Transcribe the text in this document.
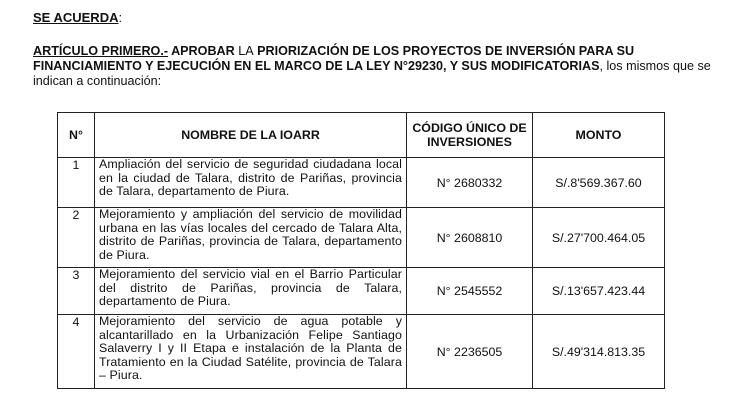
SE ACUERDA:
ARTÍCULO PRIMERO.- APROBAR LA PRIORIZACIÓN DE LOS PROYECTOS DE INVERSIÓN PARA SU FINANCIAMIENTO Y EJECUCIÓN EN EL MARCO DE LA LEY N°29230, Y SUS MODIFICATORIAS, los mismos que se indican a continuación:
N°	NOMBRE DE LA IOARR	CÓDIGO ÚNICO DE INVERSIONES	MONTO
1	Ampliación del servicio de seguridad ciudadana local en la ciudad de Talara, distrito de Pariñas, provincia de Talara, departamento de Piura.	N° 2680332	S/.8'569.367.60
2	Mejoramiento y ampliación del servicio de movilidad urbana en las vías locales del cercado de Talara Alta, distrito de Pariñas, provincia de Talara, departamento de Piura.	N° 2608810	S/.27'700.464.05
3	Mejoramiento del servicio vial en el Barrio Particular del distrito de Pariñas, provincia de Talara, departamento de Piura.	N° 2545552	S/.13'657.423.44
4	Mejoramiento del servicio de agua potable y alcantarillado en la Urbanización Felipe Santiago Salaverry I y II Etapa e instalación de la Planta de Tratamiento en la Ciudad Satélite, provincia de Talara – Piura.	N° 2236505	S/.49'314.813.35
